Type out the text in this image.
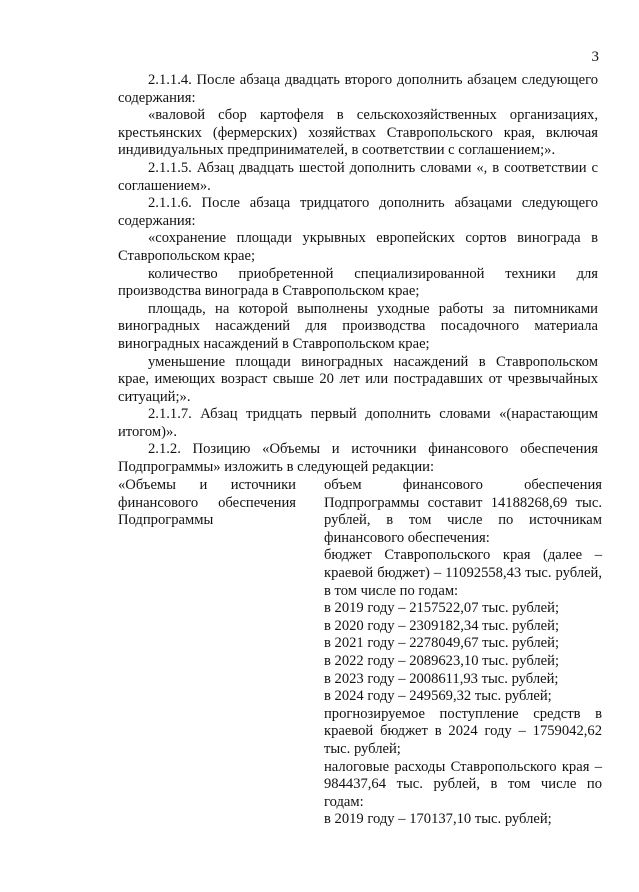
3

2.1.1.4. После абзаца двадцать второго дополнить абзацем следующего содержания:

«валовой сбор картофеля в сельскохозяйственных организациях, крестьянских (фермерских) хозяйствах Ставропольского края, включая индивидуальных предпринимателей, в соответствии с соглашением;».

2.1.1.5. Абзац двадцать шестой дополнить словами «, в соответствии с соглашением».

2.1.1.6. После абзаца тридцатого дополнить абзацами следующего содержания:

«сохранение площади укрывных европейских сортов винограда в Ставропольском крае;

количество приобретенной специализированной техники для производства винограда в Ставропольском крае;

площадь, на которой выполнены уходные работы за питомниками виноградных насаждений для производства посадочного материала виноградных насаждений в Ставропольском крае;

уменьшение площади виноградных насаждений в Ставропольском крае, имеющих возраст свыше 20 лет или пострадавших от чрезвычайных ситуаций;».

2.1.1.7. Абзац тридцать первый дополнить словами «(нарастающим итогом)».

2.1.2. Позицию «Объемы и источники финансового обеспечения Подпрограммы» изложить в следующей редакции:

«Объемы и источники финансового обеспечения Подпрограммы

объем финансового обеспечения Подпрограммы составит 14188268,69 тыс. рублей, в том числе по источникам финансового обеспечения:

бюджет Ставропольского края (далее – краевой бюджет) – 11092558,43 тыс. рублей, в том числе по годам:

в 2019 году – 2157522,07 тыс. рублей;

в 2020 году – 2309182,34 тыс. рублей;

в 2021 году – 2278049,67 тыс. рублей;

в 2022 году – 2089623,10 тыс. рублей;

в 2023 году – 2008611,93 тыс. рублей;

в 2024 году – 249569,32 тыс. рублей;

прогнозируемое поступление средств в краевой бюджет в 2024 году – 1759042,62 тыс. рублей;

налоговые расходы Ставропольского края – 984437,64 тыс. рублей, в том числе по годам:

в 2019 году – 170137,10 тыс. рублей;
